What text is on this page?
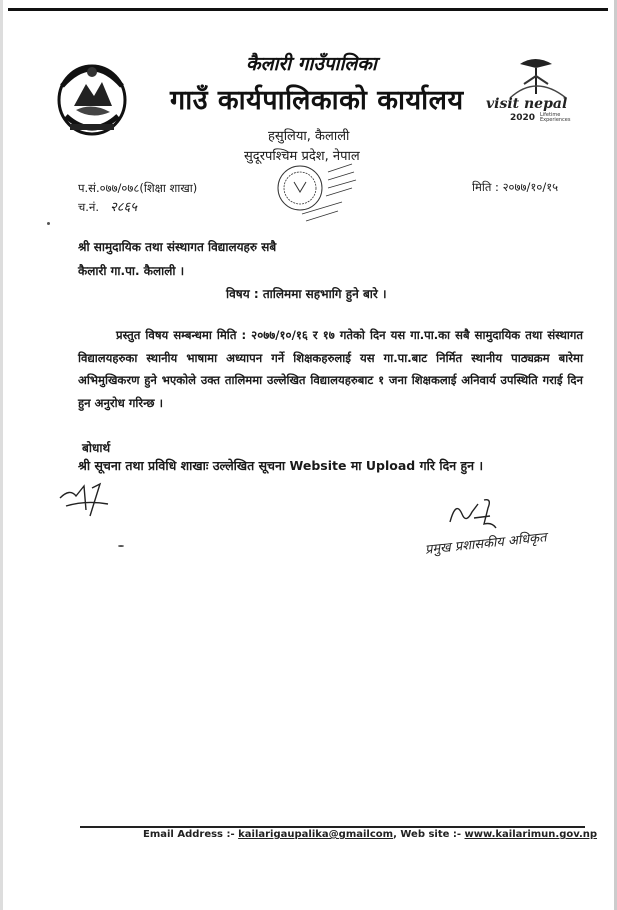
visit nepal
2020 Lifetime Experiences
कैलारी गाउँपालिका
गाउँ कार्यपालिकाको कार्यालय
हसुलिया, कैलाली
सुदूरपश्चिम प्रदेश, नेपाल
प.सं.०७७/०७८(शिक्षा शाखा)
च.नं. २८६५
मिति : २०७७/१०/१५
श्री सामुदायिक तथा संस्थागत विद्यालयहरु सबै
कैलारी गा.पा. कैलाली ।
विषय : तालिममा सहभागि हुने बारे ।
प्रस्तुत विषय सम्बन्धमा मिति : २०७७/१०/१६ र १७ गतेको दिन यस गा.पा.का सबै सामुदायिक तथा संस्थागत विद्यालयहरुका स्थानीय भाषामा अध्यापन गर्ने शिक्षकहरुलाई यस गा.पा.बाट निर्मित स्थानीय पाठ्यक्रम बारेमा अभिमुखिकरण हुने भएकोले उक्त तालिममा उल्लेखित विद्यालयहरुबाट १ जना शिक्षकलाई अनिवार्य उपस्थिति गराई दिन हुन अनुरोध गरिन्छ ।
बोधार्थ
श्री सूचना तथा प्रविधि शाखाः उल्लेखित सूचना Website मा Upload गरि दिन हुन ।
प्रमुख प्रशासकीय अधिकृत
Email Address :- kailarigaupalika@gmailcom, Web site :- www.kailarimun.gov.np
